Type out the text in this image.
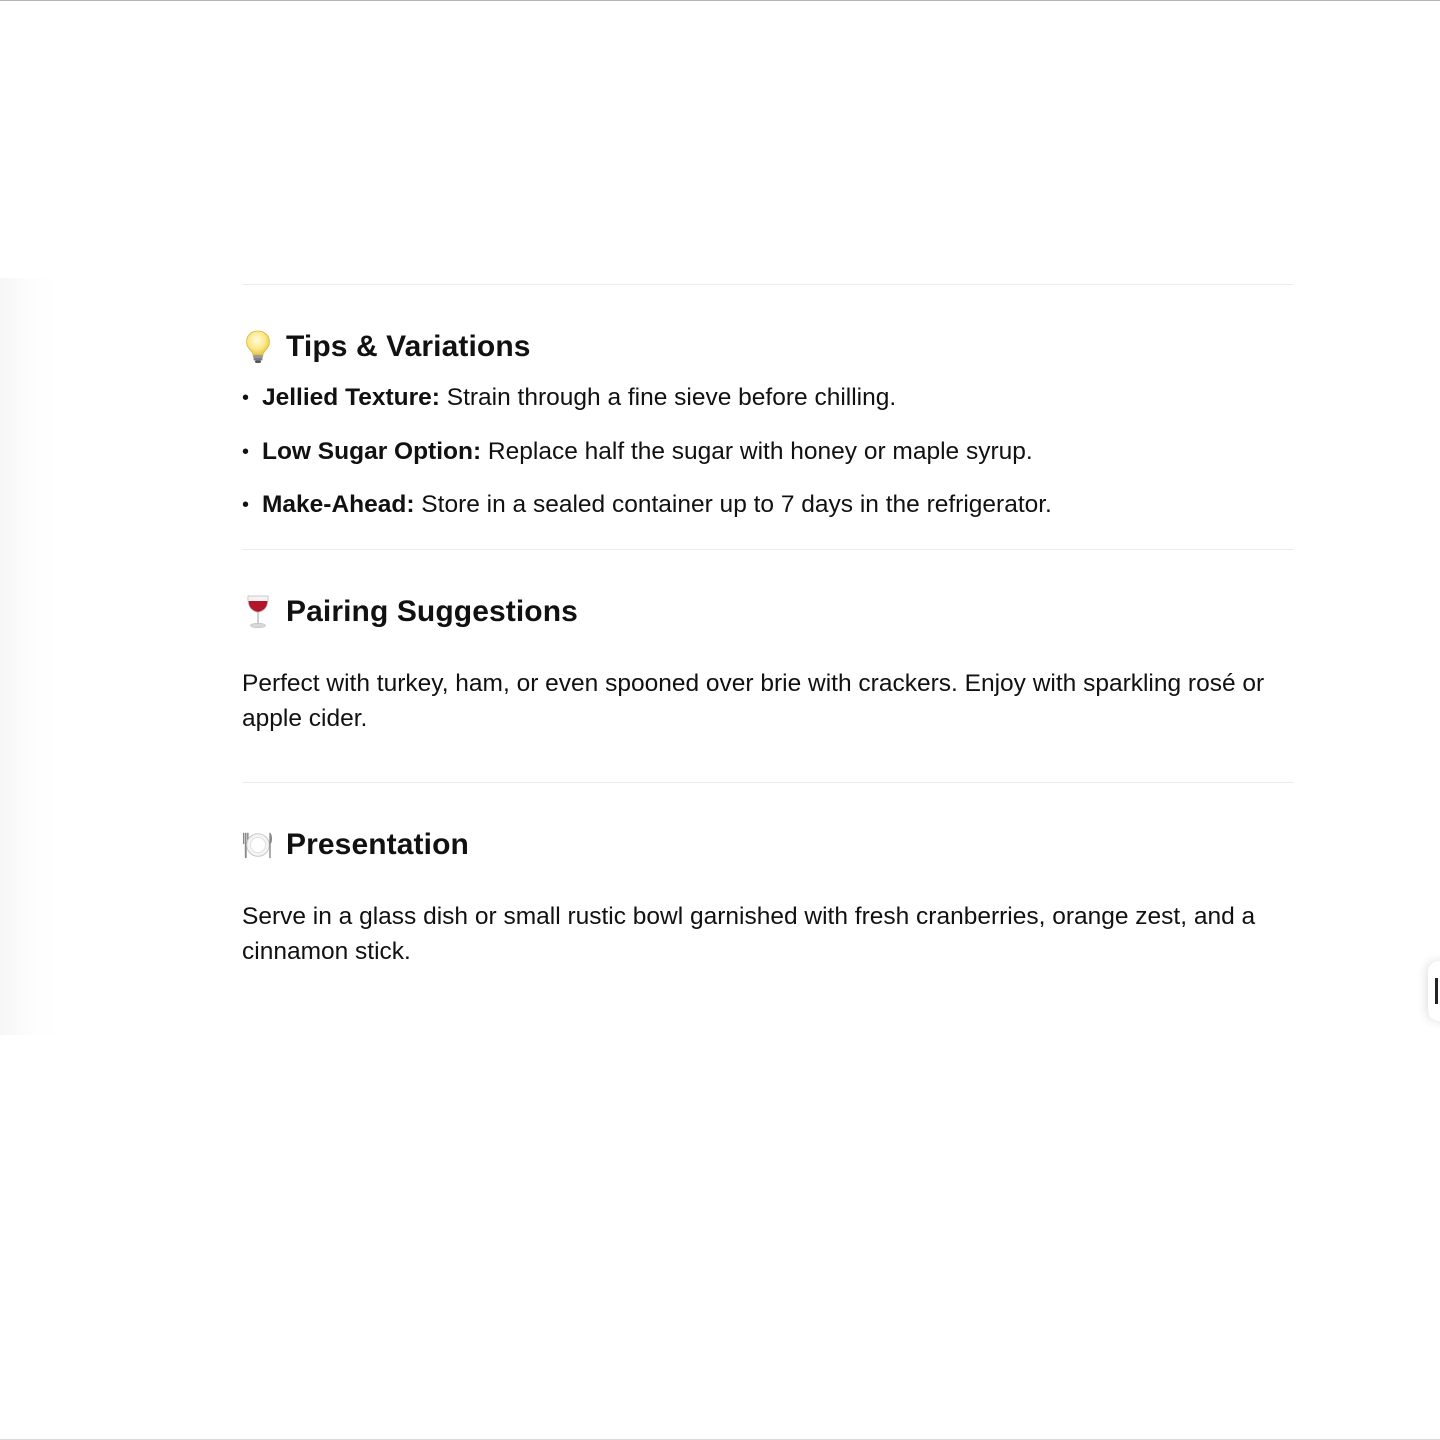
Tips & Variations
• Jellied Texture: Strain through a fine sieve before chilling.
• Low Sugar Option: Replace half the sugar with honey or maple syrup.
• Make-Ahead: Store in a sealed container up to 7 days in the refrigerator.
Pairing Suggestions

Perfect with turkey, ham, or even spooned over brie with crackers. Enjoy with sparkling rosé or apple cider.

Presentation

Serve in a glass dish or small rustic bowl garnished with fresh cranberries, orange zest, and a cinnamon stick.
